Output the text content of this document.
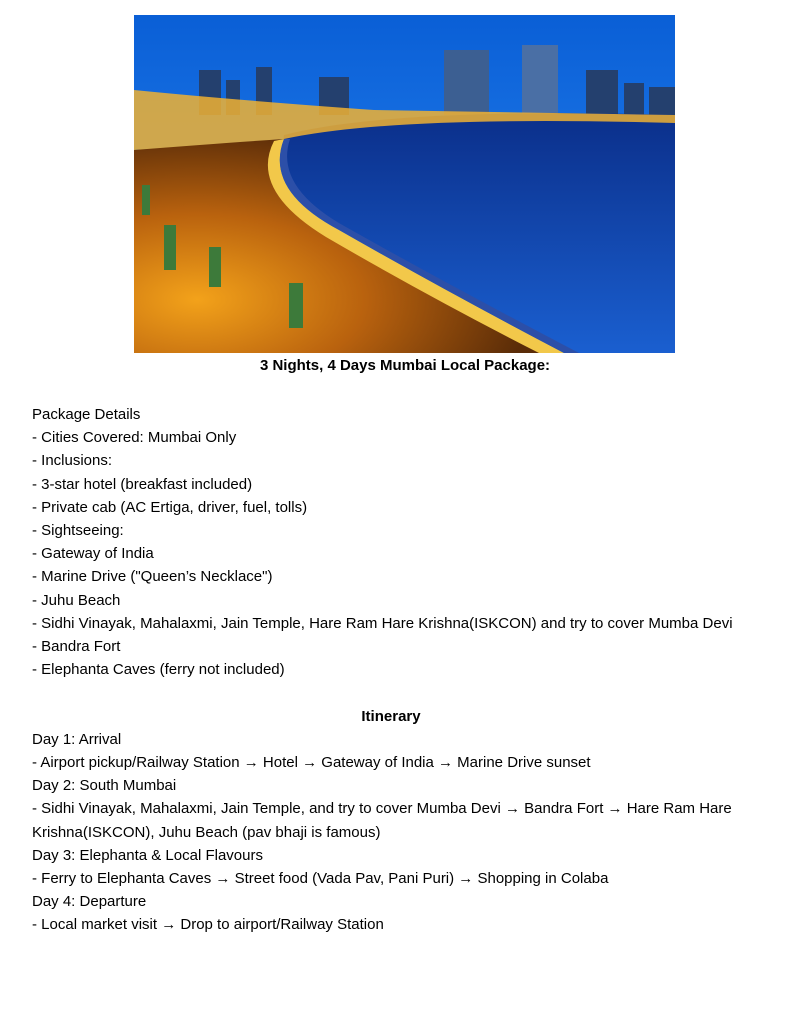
3 Nights, 4 Days Mumbai Local Package:
Package Details
- Cities Covered: Mumbai Only
- Inclusions:
- 3-star hotel (breakfast included)
- Private cab (AC Ertiga, driver, fuel, tolls)
- Sightseeing:
- Gateway of India
- Marine Drive ("Queen’s Necklace")
- Juhu Beach
- Sidhi Vinayak, Mahalaxmi, Jain Temple, Hare Ram Hare Krishna(ISKCON) and try to cover Mumba Devi
- Bandra Fort
- Elephanta Caves (ferry not included)
Itinerary
Day 1: Arrival
- Airport pickup/Railway Station → Hotel → Gateway of India → Marine Drive sunset
Day 2: South Mumbai
- Sidhi Vinayak, Mahalaxmi, Jain Temple, and try to cover Mumba Devi → Bandra Fort → Hare Ram Hare Krishna(ISKCON), Juhu Beach (pav bhaji is famous)
Day 3: Elephanta & Local Flavours
- Ferry to Elephanta Caves → Street food (Vada Pav, Pani Puri) → Shopping in Colaba
Day 4: Departure
- Local market visit → Drop to airport/Railway Station
